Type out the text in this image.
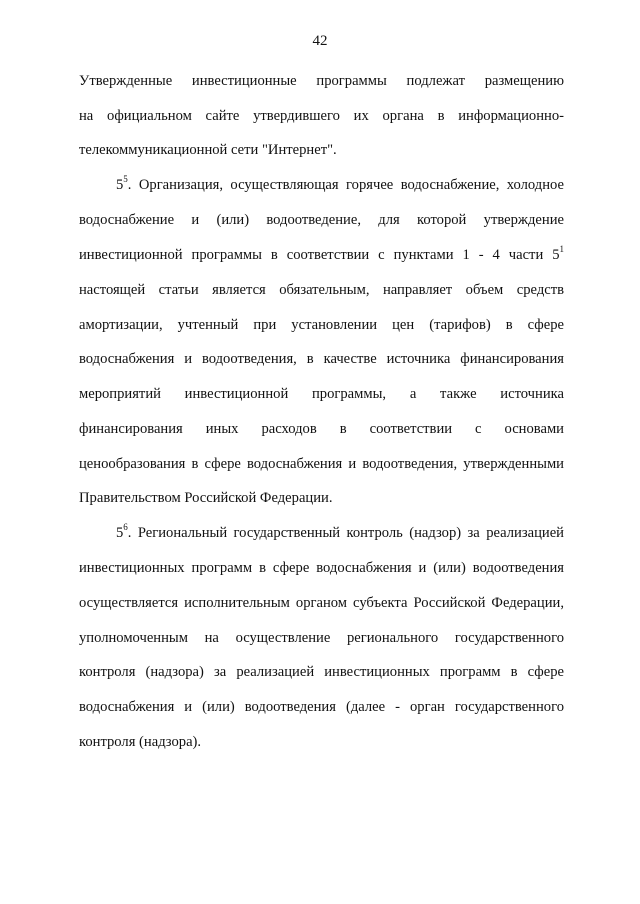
42
Утвержденные инвестиционные программы подлежат размещению
на официальном сайте утвердившего их органа в информационно-
телекоммуникационной сети "Интернет".
$5^5$. Организация, осуществляющая горячее водоснабжение, холодное
водоснабжение и (или) водоотведение, для которой утверждение
инвестиционной программы в соответствии с пунктами 1 - 4 части $5^1$
настоящей статьи является обязательным, направляет объем средств
амортизации, учтенный при установлении цен (тарифов) в сфере
водоснабжения и водоотведения, в качестве источника финансирования
мероприятий инвестиционной программы, а также источника
финансирования иных расходов в соответствии с основами
ценообразования в сфере водоснабжения и водоотведения, утвержденными
Правительством Российской Федерации.
$5^6$. Региональный государственный контроль (надзор) за реализацией
инвестиционных программ в сфере водоснабжения и (или) водоотведения
осуществляется исполнительным органом субъекта Российской Федерации,
уполномоченным на осуществление регионального государственного
контроля (надзора) за реализацией инвестиционных программ в сфере
водоснабжения и (или) водоотведения (далее - орган государственного
контроля (надзора).
